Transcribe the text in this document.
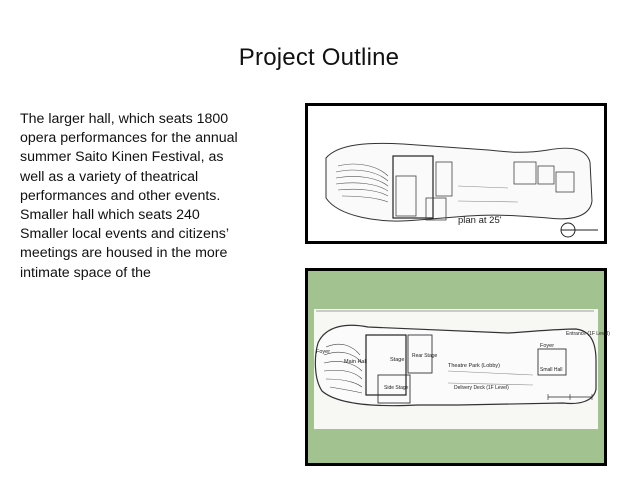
Project Outline
The larger hall, which seats 1800
opera performances for the annual
summer Saito Kinen Festival, as
well as a variety of theatrical
performances and other events.
Smaller hall which seats 240
Smaller local events and citizens’
meetings are housed in the more
intimate space of the
plan at 25'
Foyer
Main Hall	Stage
Rear Stage
Side Stage
Theatre Park (Lobby)
Foyer
Small Hall
Entrance (1F Level)
Delivery Deck (1F Level)
